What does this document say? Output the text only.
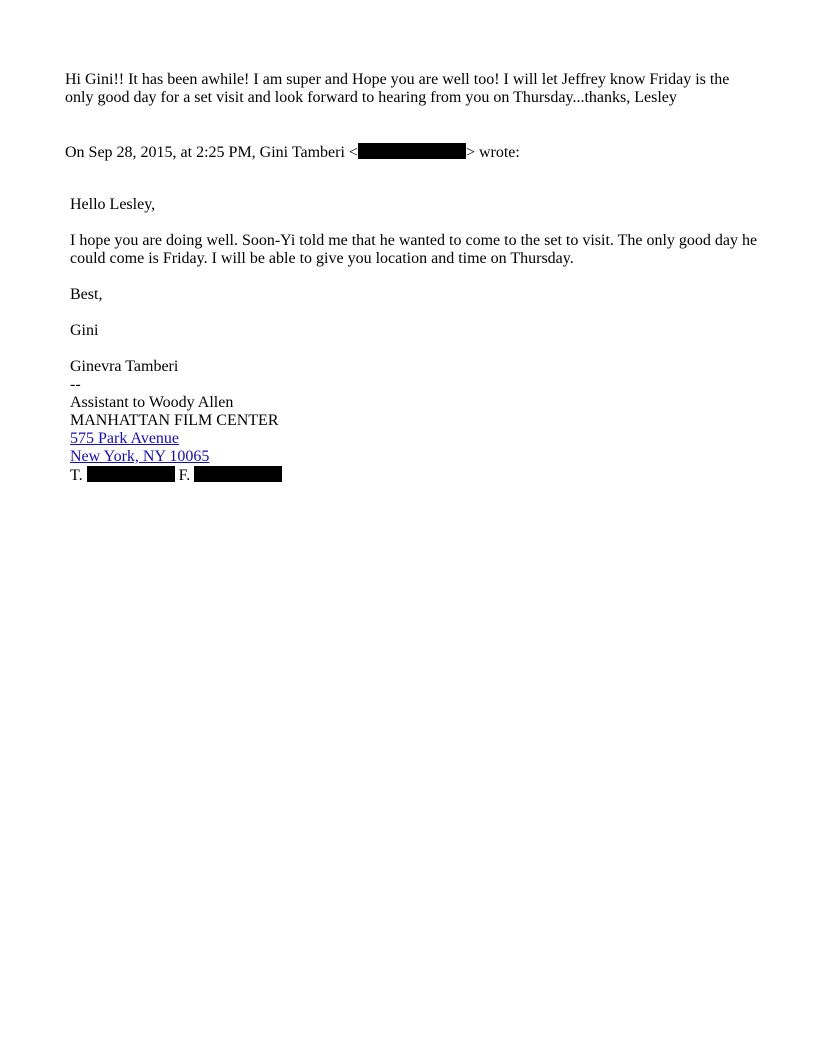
Hi Gini!! It has been awhile! I am super and Hope you are well too! I will let Jeffrey know Friday is the only good day for a set visit and look forward to hearing from you on Thursday...thanks, Lesley

On Sep 28, 2015, at 2:25 PM, Gini Tamberi <	> wrote:

Hello Lesley,

I hope you are doing well. Soon-Yi told me that he wanted to come to the set to visit. The only good day he could come is Friday. I will be able to give you location and time on Thursday.

Best,

Gini

Ginevra Tamberi

--

Assistant to Woody Allen

MANHATTAN FILM CENTER

575 Park Avenue

New York, NY 10065

T.	F.
